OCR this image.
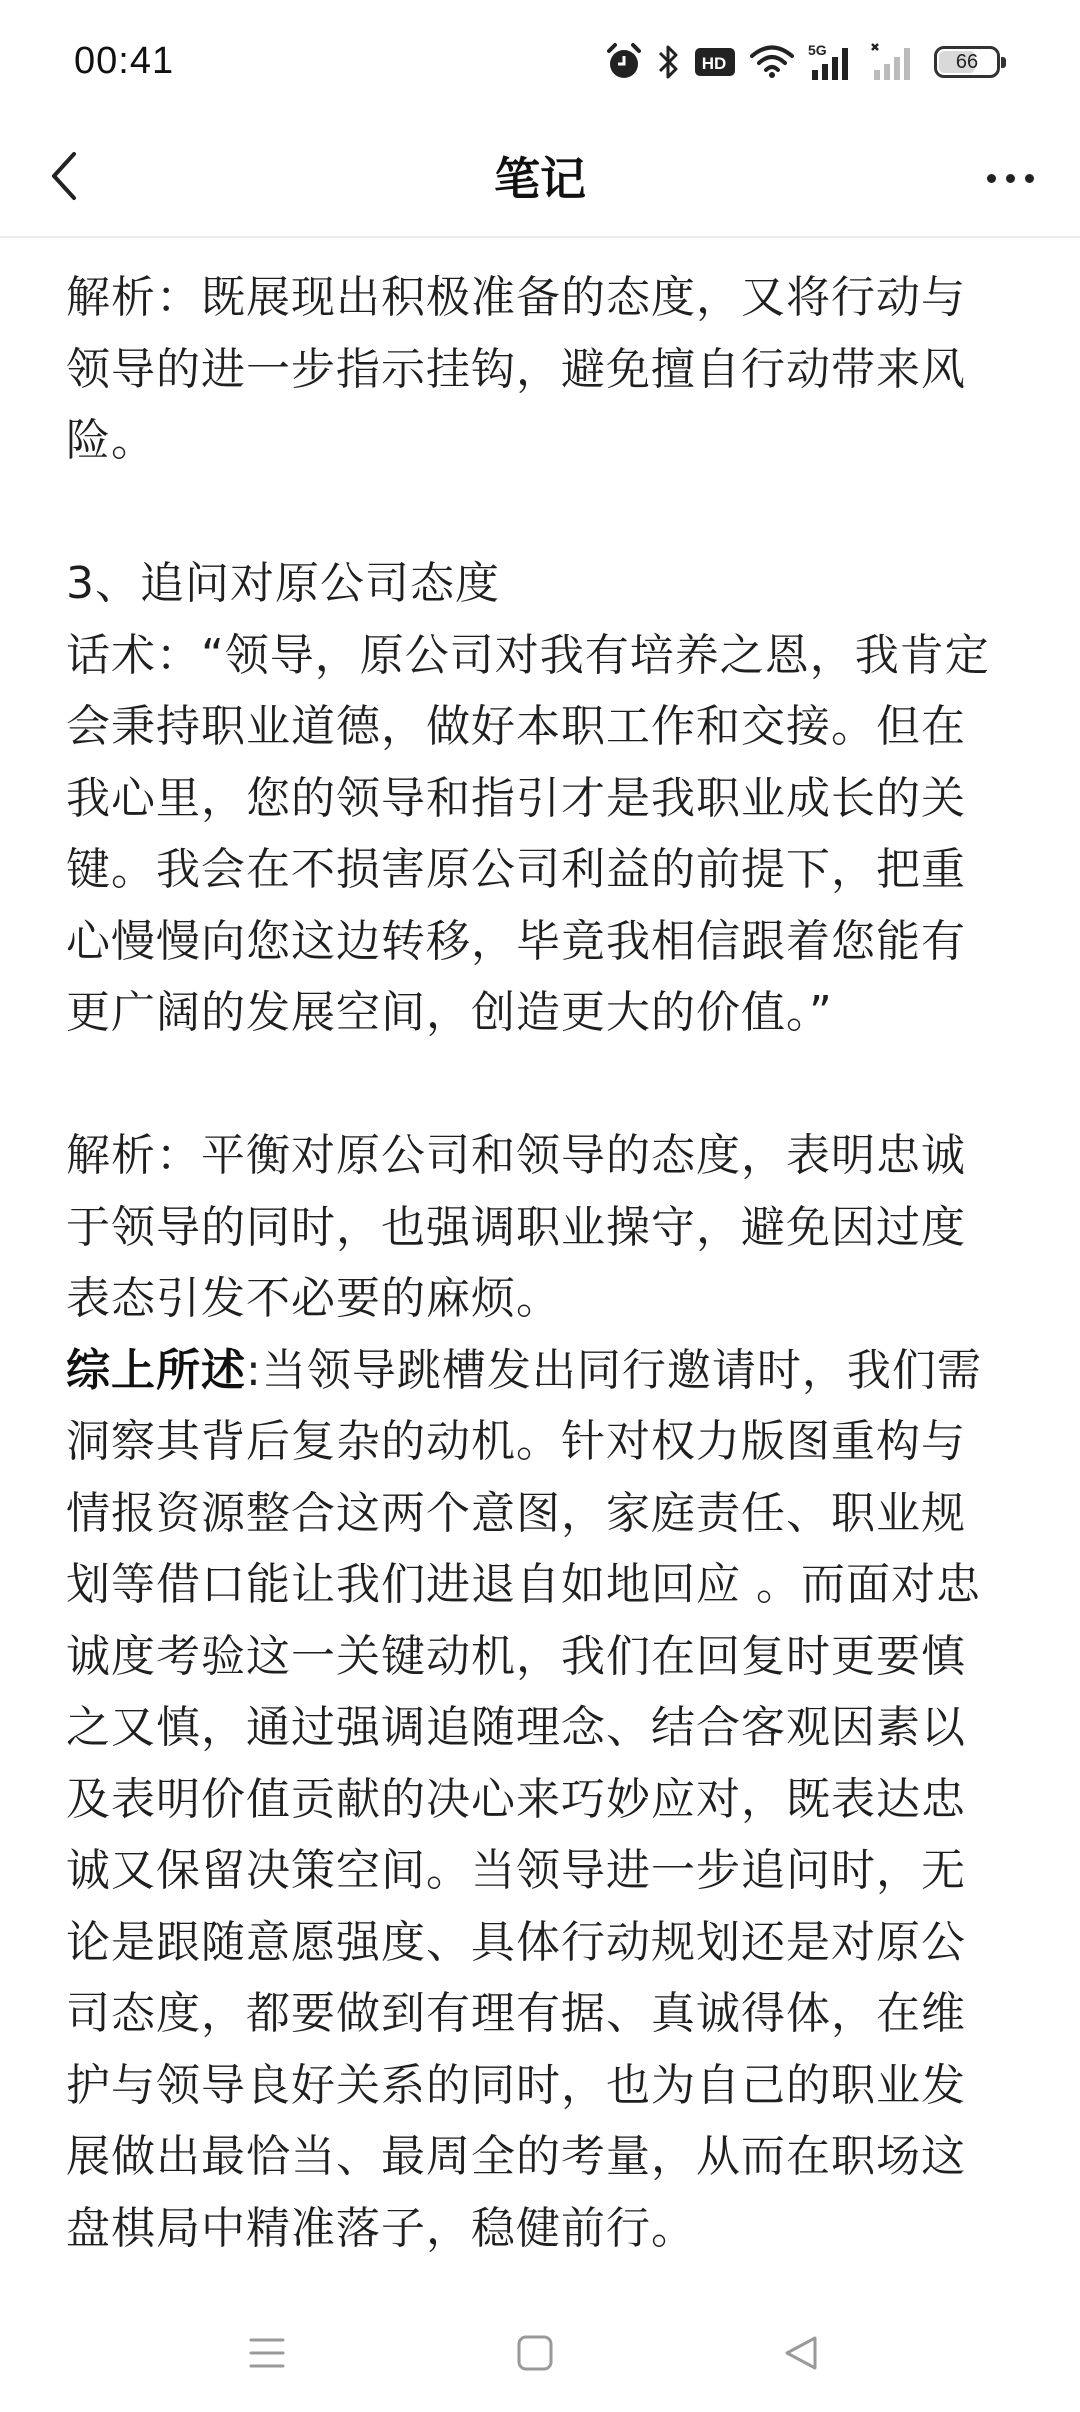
00:41	HD
5G
66
笔记

解析：既展现出积极准备的态度，又将行动与领导的进一步指示挂钩，避免擅自行动带来风险。

3、追问对原公司态度

话术：“领导，原公司对我有培养之恩，我肯定会秉持职业道德，做好本职工作和交接。但在我心里，您的领导和指引才是我职业成长的关键。我会在不损害原公司利益的前提下，把重心慢慢向您这边转移，毕竟我相信跟着您能有更广阔的发展空间，创造更大的价值。”

解析：平衡对原公司和领导的态度，表明忠诚于领导的同时，也强调职业操守，避免因过度表态引发不必要的麻烦。

综上所述:当领导跳槽发出同行邀请时，我们需洞察其背后复杂的动机。针对权力版图重构与情报资源整合这两个意图，家庭责任、职业规划等借口能让我们进退自如地回应 。而面对忠诚度考验这一关键动机，我们在回复时更要慎之又慎，通过强调追随理念、结合客观因素以及表明价值贡献的决心来巧妙应对，既表达忠诚又保留决策空间。当领导进一步追问时，无论是跟随意愿强度、具体行动规划还是对原公司态度，都要做到有理有据、真诚得体，在维护与领导良好关系的同时，也为自己的职业发展做出最恰当、最周全的考量，从而在职场这盘棋局中精准落子，稳健前行。
